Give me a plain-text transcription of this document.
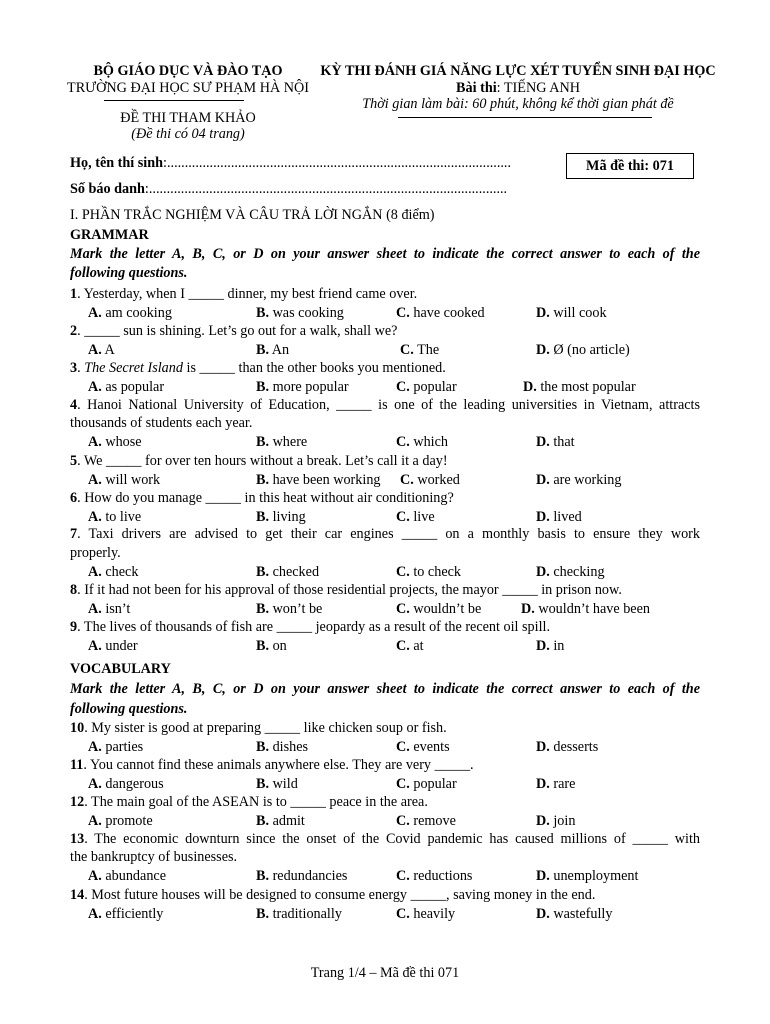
BỘ GIÁO DỤC VÀ ĐÀO TẠO
TRƯỜNG ĐẠI HỌC SƯ PHẠM HÀ NỘI
ĐỀ THI THAM KHẢO
(Đề thi có 04 trang)
KỲ THI ĐÁNH GIÁ NĂNG LỰC XÉT TUYỂN SINH ĐẠI HỌC
Bài thi: TIẾNG ANH
Thời gian làm bài: 60 phút, không kể thời gian phát đề
Họ, tên thí sinh:.................................................................................................
Số báo danh:.....................................................................................................
Mã đề thi: 071
I. PHẦN TRẮC NGHIỆM VÀ CÂU TRẢ LỜI NGẮN (8 điểm)
GRAMMAR
Mark the letter A, B, C, or D on your answer sheet to indicate the correct answer to each of the
following questions.
1. Yesterday, when I _____ dinner, my best friend came over.
A. am cooking	B. was cooking	C. have cooked	D. will cook
2. _____ sun is shining. Let’s go out for a walk, shall we?
A. A	B. An	C. The	D. Ø (no article)
3. The Secret Island is _____ than the other books you mentioned.
A. as popular	B. more popular	C. popular	D. the most popular
4. Hanoi National University of Education, _____ is one of the leading universities in Vietnam, attracts
thousands of students each year.
A. whose	B. where	C. which	D. that
5. We _____ for over ten hours without a break. Let’s call it a day!
A. will work	B. have been working C. worked	D. are working
6. How do you manage _____ in this heat without air conditioning?
A. to live	B. living	C. live	D. lived
7. Taxi drivers are advised to get their car engines _____ on a monthly basis to ensure they work
properly.
A. check	B. checked	C. to check	D. checking
8. If it had not been for his approval of those residential projects, the mayor _____ in prison now.
A. isn’t	B. won’t be	C. wouldn’t be	D. wouldn’t have been
9. The lives of thousands of fish are _____ jeopardy as a result of the recent oil spill.
A. under	B. on	C. at	D. in
VOCABULARY
Mark the letter A, B, C, or D on your answer sheet to indicate the correct answer to each of the
following questions.
10. My sister is good at preparing _____ like chicken soup or fish.
A. parties	B. dishes	C. events	D. desserts
11. You cannot find these animals anywhere else. They are very _____.
A. dangerous	B. wild	C. popular	D. rare
12. The main goal of the ASEAN is to _____ peace in the area.
A. promote	B. admit	C. remove	D. join
13. The economic downturn since the onset of the Covid pandemic has caused millions of _____ with
the bankruptcy of businesses.
A. abundance	B. redundancies	C. reductions	D. unemployment
14. Most future houses will be designed to consume energy _____, saving money in the end.
A. efficiently	B. traditionally	C. heavily	D. wastefully
Trang 1/4 – Mã đề thi 071
